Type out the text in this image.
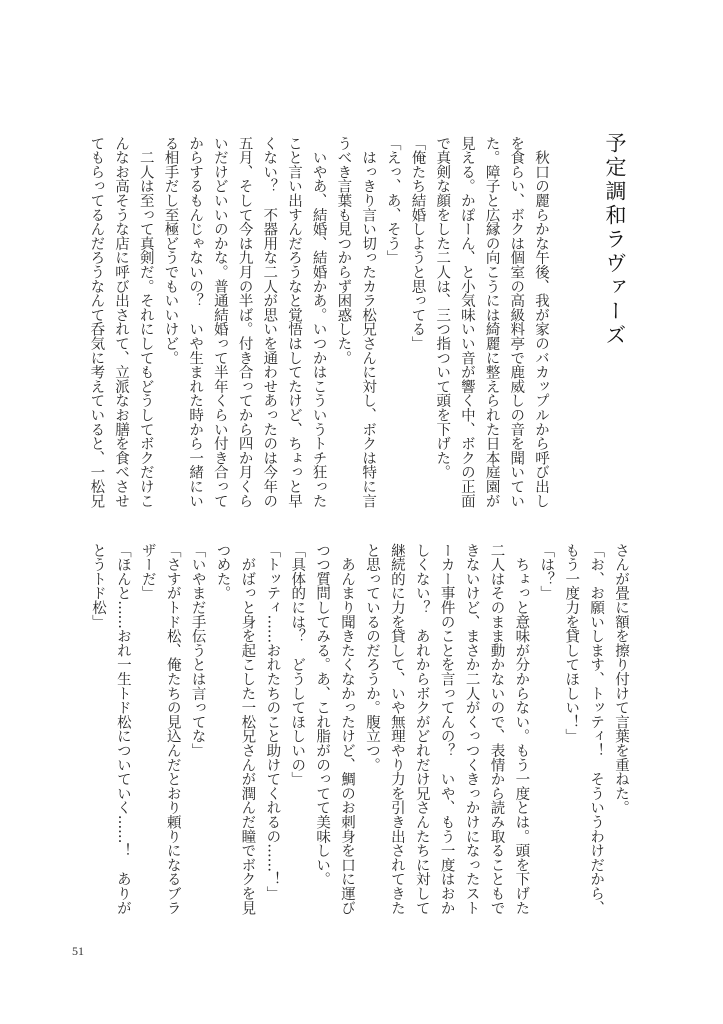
予定調和ラヴァーズ
　秋口の麗らかな午後、我が家のバカップルから呼び出し
を食らい、ボクは個室の高級料亭で鹿威しの音を聞いてい
た。障子と広縁の向こうには綺麗に整えられた日本庭園が
見える。かぽーん、と小気味いい音が響く中、ボクの正面
で真剣な顔をした二人は、三つ指ついて頭を下げた。
「俺たち結婚しようと思ってる」
「えっ、あ、そう」
　はっきり言い切ったカラ松兄さんに対し、ボクは特に言
うべき言葉も見つからず困惑した。
　いやあ、結婚、結婚かあ。いつかはこういうトチ狂った
こと言い出すんだろうなと覚悟はしてたけど、ちょっと早
くない？　不器用な二人が思いを通わせあったのは今年の
五月、そして今は九月の半ば。付き合ってから四か月くら
いだけどいいのかな。普通結婚って半年くらい付き合って
からするもんじゃないの？　いや生まれた時から一緒にい
る相手だし至極どうでもいいけど。
　二人は至って真剣だ。それにしてもどうしてボクだけこ
んなお高そうな店に呼び出されて、立派なお膳を食べさせ
てもらってるんだろうなんて呑気に考えていると、一松兄
さんが畳に額を擦り付けて言葉を重ねた。
「お、お願いします、トッティ！　そういうわけだから、
もう一度力を貸してほしい！」
「は？」
　ちょっと意味が分からない。もう一度とは。頭を下げた
二人はそのまま動かないので、表情から読み取ることもで
きないけど、まさか二人がくっつくきっかけになったスト
ーカー事件のことを言ってんの？　いや、もう一度はおか
しくない？　あれからボクがどれだけ兄さんたちに対して
継続的に力を貸して、いや無理やり力を引き出されてきた
と思っているのだろうか。腹立つ。
　あんまり聞きたくなかったけど、鯛のお刺身を口に運び
つつ質問してみる。あ、これ脂がのってて美味しい。
「具体的には？　どうしてほしいの」
「トッティ……おれたちのこと助けてくれるの……！」
　がばっと身を起こした一松兄さんが潤んだ瞳でボクを見
つめた。
「いやまだ手伝うとは言ってな」
「さすがトド松、俺たちの見込んだとおり頼りになるブラ
ザーだ」
「ほんと……おれ一生トド松についていく……！　ありが
とうトド松」
51
